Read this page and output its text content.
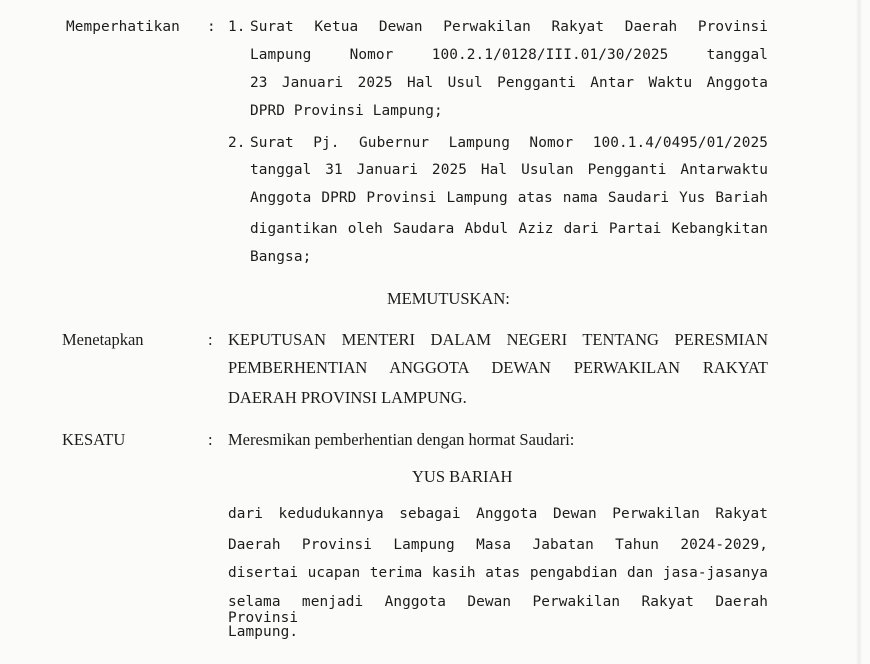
Memperhatikan : 1. Surat Ketua Dewan Perwakilan Rakyat Daerah Provinsi
Lampung Nomor 100.2.1/0128/III.01/30/2025 tanggal
23 Januari 2025 Hal Usul Pengganti Antar Waktu Anggota
DPRD Provinsi Lampung;
2. Surat Pj. Gubernur Lampung Nomor 100.1.4/0495/01/2025
tanggal 31 Januari 2025 Hal Usulan Pengganti Antarwaktu
Anggota DPRD Provinsi Lampung atas nama Saudari Yus Bariah
digantikan oleh Saudara Abdul Aziz dari Partai Kebangkitan
Bangsa;
MEMUTUSKAN:
Menetapkan	: KEPUTUSAN MENTERI DALAM NEGERI TENTANG PERESMIAN
PEMBERHENTIAN ANGGOTA DEWAN PERWAKILAN RAKYAT
DAERAH PROVINSI LAMPUNG.
KESATU	: Meresmikan pemberhentian dengan hormat Saudari:
YUS BARIAH
dari kedudukannya sebagai Anggota Dewan Perwakilan Rakyat
Daerah Provinsi Lampung Masa Jabatan Tahun 2024-2029,
disertai ucapan terima kasih atas pengabdian dan jasa-jasanya
selama menjadi Anggota Dewan Perwakilan Rakyat Daerah Provinsi
Lampung.
